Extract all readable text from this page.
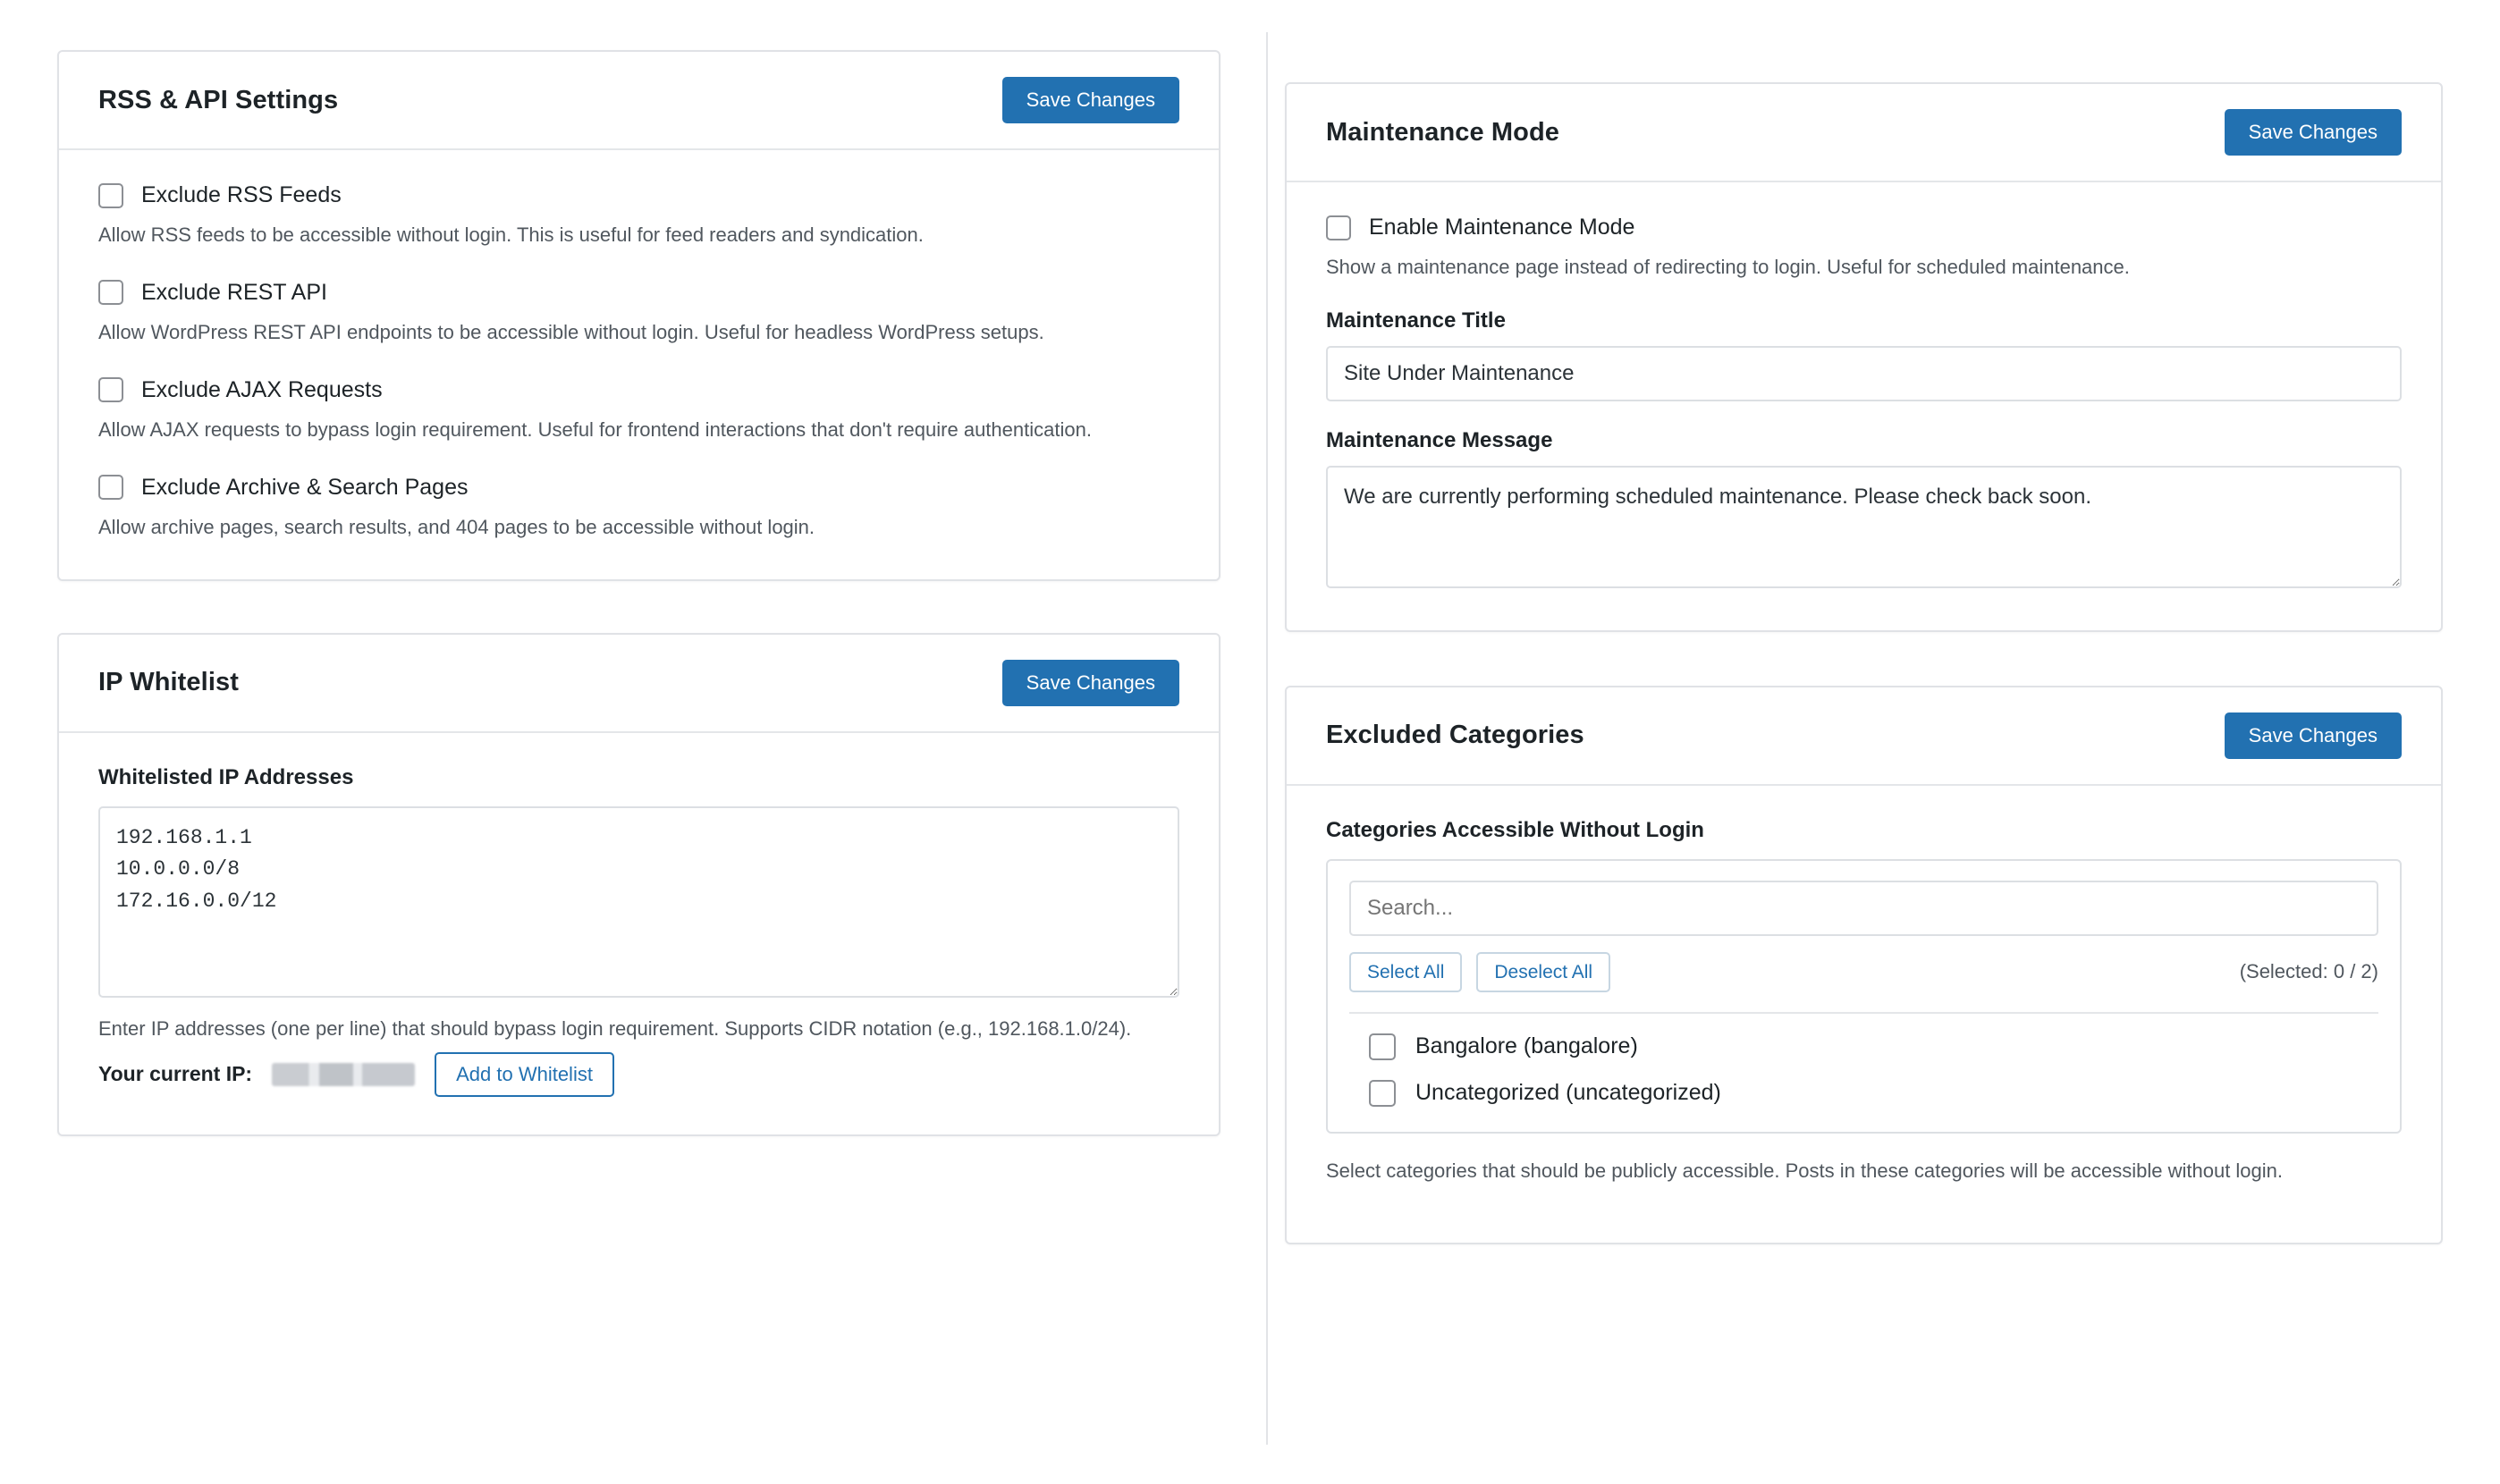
RSS & API Settings	Save Changes
Exclude RSS Feeds

Allow RSS feeds to be accessible without login. This is useful for feed readers and syndication.

Exclude REST API

Allow WordPress REST API endpoints to be accessible without login. Useful for headless WordPress setups.

Exclude AJAX Requests

Allow AJAX requests to bypass login requirement. Useful for frontend interactions that don't require authentication.

Exclude Archive & Search Pages

Allow archive pages, search results, and 404 pages to be accessible without login.

IP Whitelist	Save Changes
Whitelisted IP Addresses
192.168.1.1 10.0.0.0/8 172.16.0.0/12

Enter IP addresses (one per line) that should bypass login requirement. Supports CIDR notation (e.g., 192.168.1.0/24).

Your current IP:	Add to Whitelist
Maintenance Mode	Save Changes
Enable Maintenance Mode

Show a maintenance page instead of redirecting to login. Useful for scheduled maintenance.

Maintenance Title
Site Under Maintenance
Maintenance Message
We are currently performing scheduled maintenance. Please check back soon.
Excluded Categories	Save Changes
Categories Accessible Without Login
Search...
Select All	Deselect All	(Selected: 0 / 2)
Bangalore (bangalore)
Uncategorized (uncategorized)

Select categories that should be publicly accessible. Posts in these categories will be accessible without login.
